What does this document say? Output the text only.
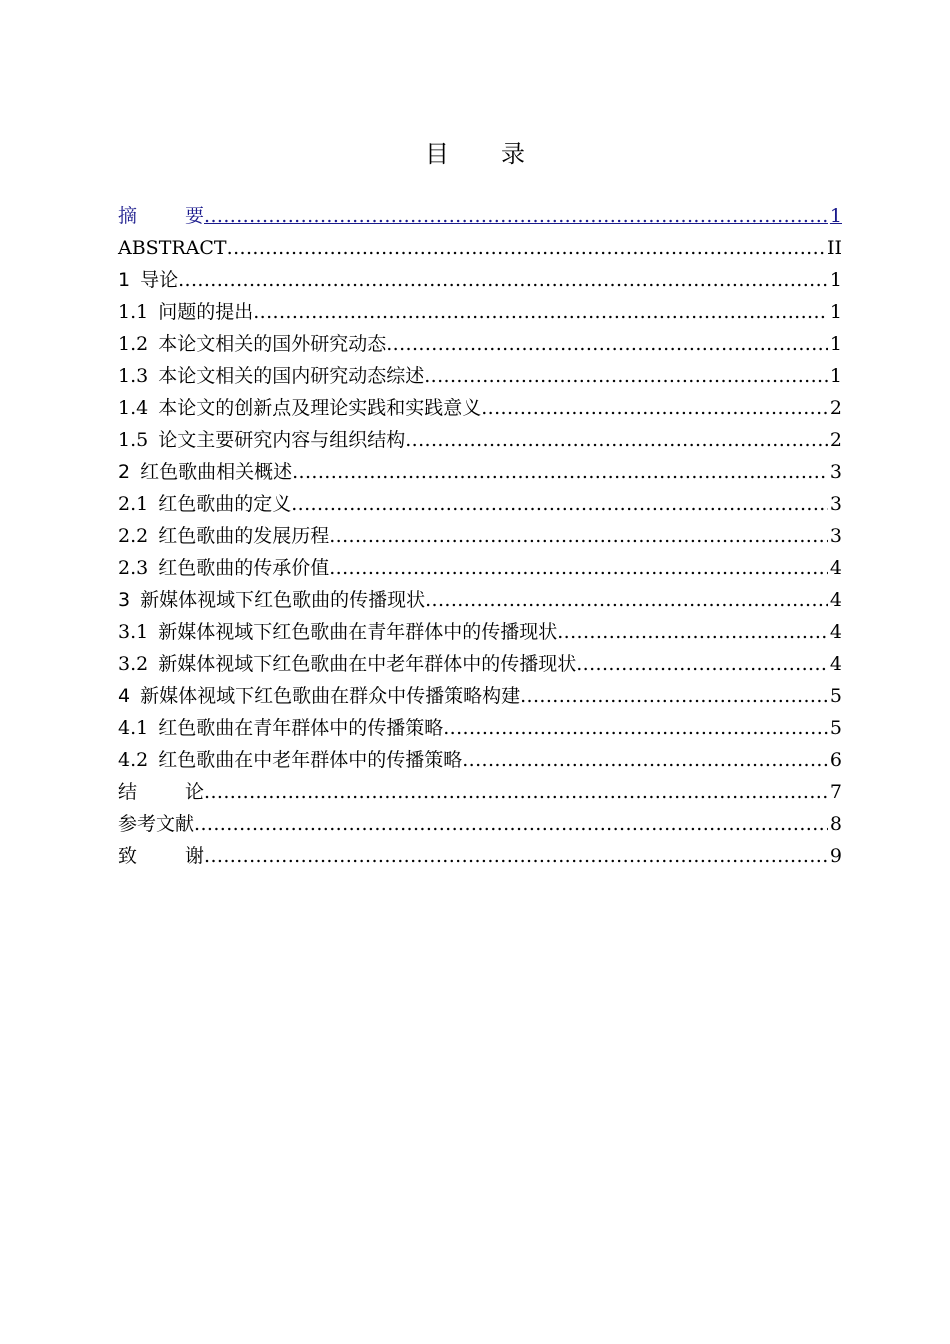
目 录
摘	要 .....	1
ABSTRACT .....	II
1 导论 .....	1
1.1 问题的提出 .....	1
1.2 本论文相关的国外研究动态 .....	1
1.3 本论文相关的国内研究动态综述 .....	1
1.4 本论文的创新点及理论实践和实践意义 .....	2
1.5 论文主要研究内容与组织结构 .....	2
2 红色歌曲相关概述 .....	3
2.1 红色歌曲的定义 .....	3
2.2 红色歌曲的发展历程 .....	3
2.3 红色歌曲的传承价值 .....	4
3 新媒体视域下红色歌曲的传播现状 .....	4
3.1 新媒体视域下红色歌曲在青年群体中的传播现状 .....	4
3.2 新媒体视域下红色歌曲在中老年群体中的传播现状 .....	4
4 新媒体视域下红色歌曲在群众中传播策略构建 .....	5
4.1 红色歌曲在青年群体中的传播策略 .....	5
4.2 红色歌曲在中老年群体中的传播策略 .....	6
结	论 .....	7
参考文献 .....	8
致	谢 .....	9
